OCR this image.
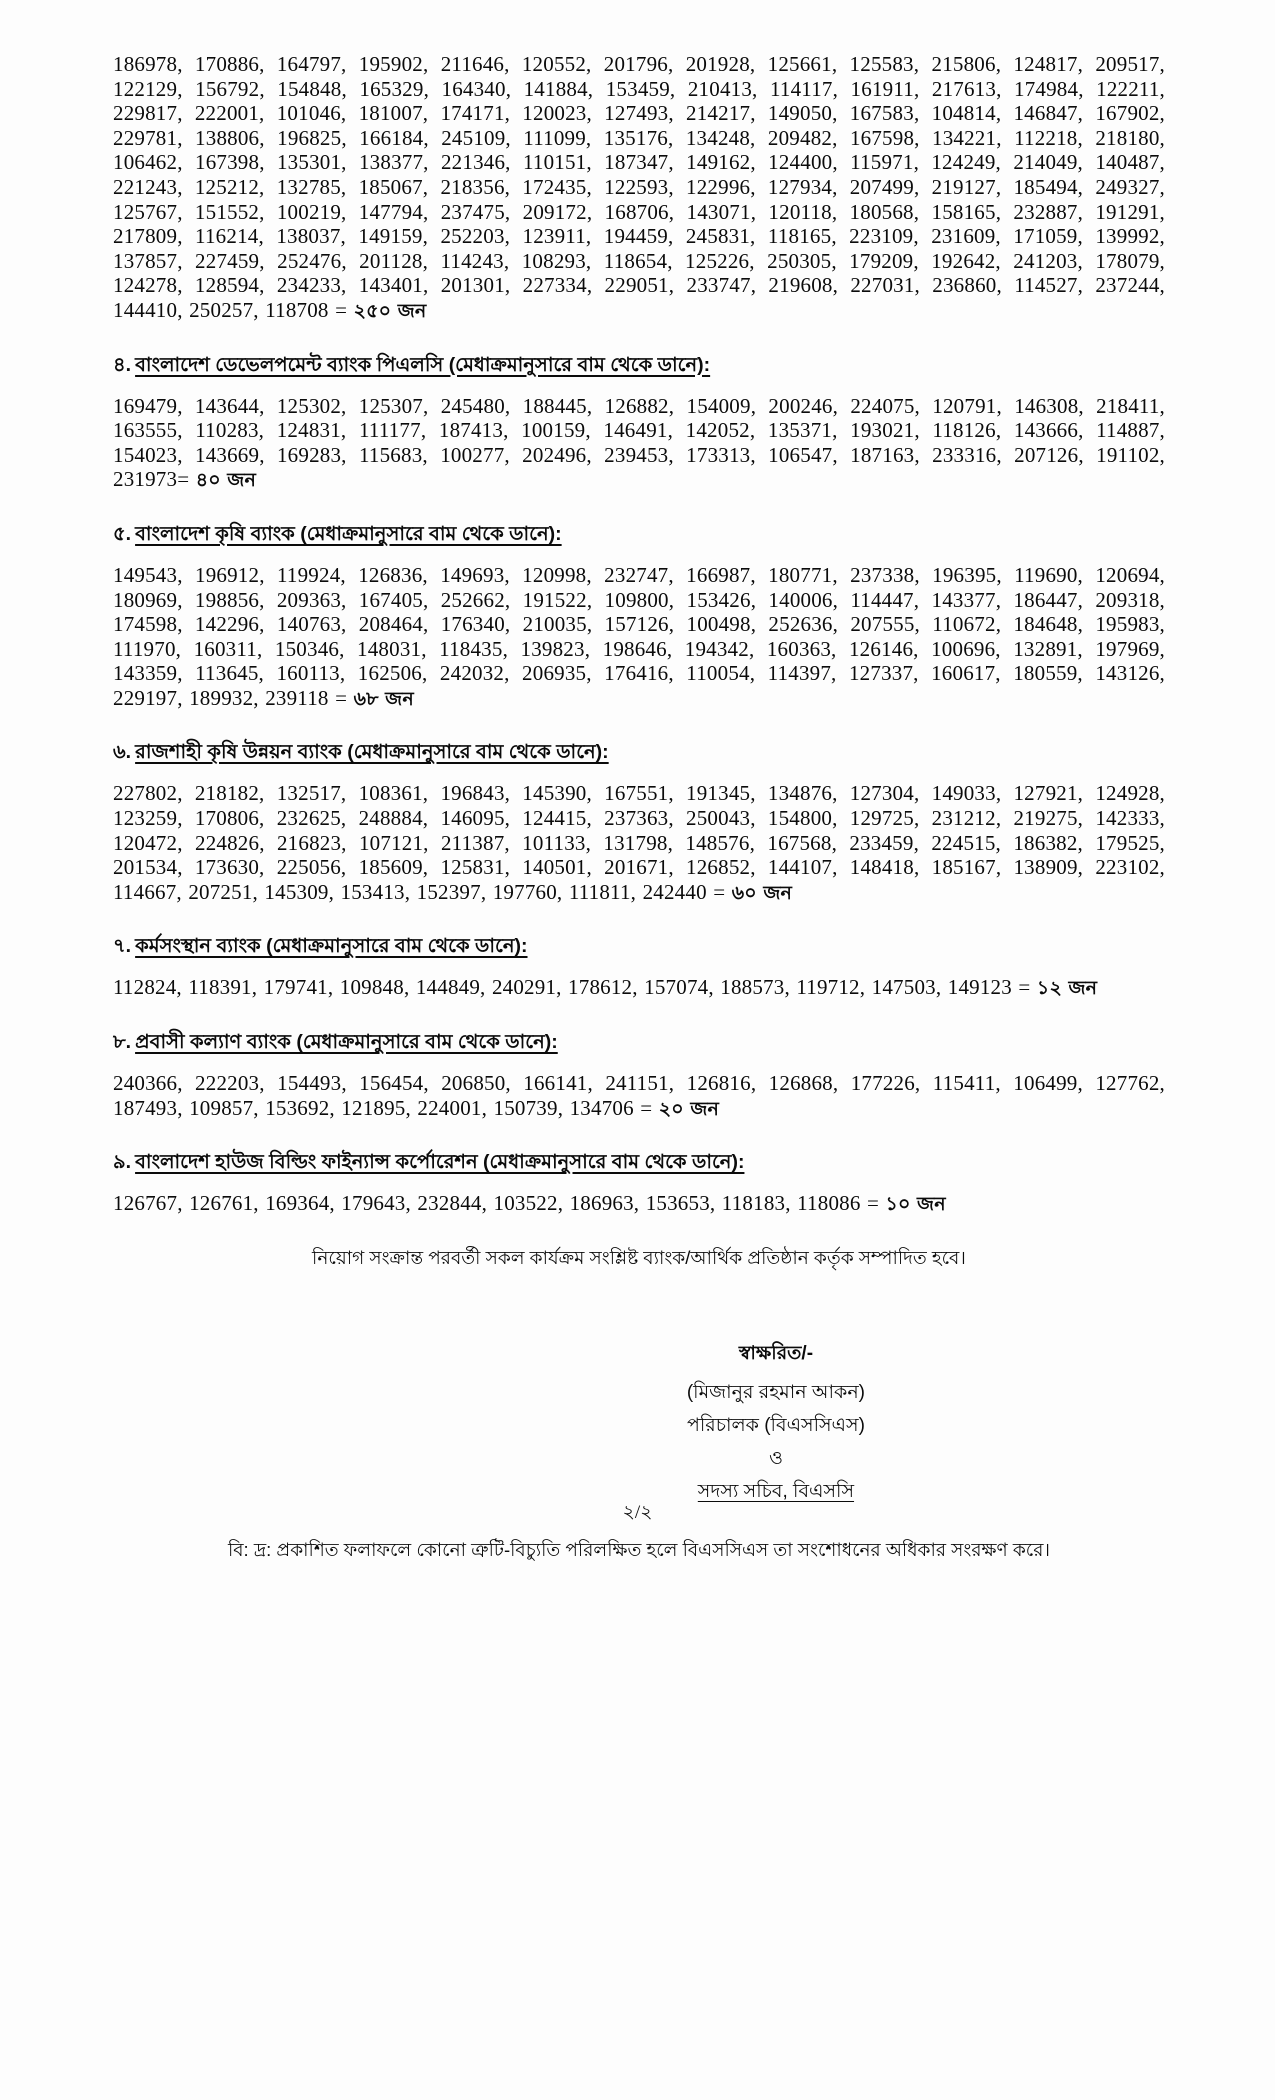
186978, 170886, 164797, 195902, 211646, 120552, 201796, 201928, 125661, 125583, 215806, 124817, 209517, 122129, 156792, 154848, 165329, 164340, 141884, 153459, 210413, 114117, 161911, 217613, 174984, 122211, 229817, 222001, 101046, 181007, 174171, 120023, 127493, 214217, 149050, 167583, 104814, 146847, 167902, 229781, 138806, 196825, 166184, 245109, 111099, 135176, 134248, 209482, 167598, 134221, 112218, 218180, 106462, 167398, 135301, 138377, 221346, 110151, 187347, 149162, 124400, 115971, 124249, 214049, 140487, 221243, 125212, 132785, 185067, 218356, 172435, 122593, 122996, 127934, 207499, 219127, 185494, 249327, 125767, 151552, 100219, 147794, 237475, 209172, 168706, 143071, 120118, 180568, 158165, 232887, 191291, 217809, 116214, 138037, 149159, 252203, 123911, 194459, 245831, 118165, 223109, 231609, 171059, 139992, 137857, 227459, 252476, 201128, 114243, 108293, 118654, 125226, 250305, 179209, 192642, 241203, 178079, 124278, 128594, 234233, 143401, 201301, 227334, 229051, 233747, 219608, 227031, 236860, 114527, 237244, 144410, 250257, 118708 = ২৫০ জন

৪. বাংলাদেশ ডেভেলপমেন্ট ব্যাংক পিএলসি (মেধাক্রমানুসারে বাম থেকে ডানে):

169479, 143644, 125302, 125307, 245480, 188445, 126882, 154009, 200246, 224075, 120791, 146308, 218411, 163555, 110283, 124831, 111177, 187413, 100159, 146491, 142052, 135371, 193021, 118126, 143666, 114887, 154023, 143669, 169283, 115683, 100277, 202496, 239453, 173313, 106547, 187163, 233316, 207126, 191102, 231973= ৪০ জন

৫. বাংলাদেশ কৃষি ব্যাংক (মেধাক্রমানুসারে বাম থেকে ডানে):

149543, 196912, 119924, 126836, 149693, 120998, 232747, 166987, 180771, 237338, 196395, 119690, 120694, 180969, 198856, 209363, 167405, 252662, 191522, 109800, 153426, 140006, 114447, 143377, 186447, 209318, 174598, 142296, 140763, 208464, 176340, 210035, 157126, 100498, 252636, 207555, 110672, 184648, 195983, 111970, 160311, 150346, 148031, 118435, 139823, 198646, 194342, 160363, 126146, 100696, 132891, 197969, 143359, 113645, 160113, 162506, 242032, 206935, 176416, 110054, 114397, 127337, 160617, 180559, 143126, 229197, 189932, 239118 = ৬৮ জন

৬. রাজশাহী কৃষি উন্নয়ন ব্যাংক (মেধাক্রমানুসারে বাম থেকে ডানে):

227802, 218182, 132517, 108361, 196843, 145390, 167551, 191345, 134876, 127304, 149033, 127921, 124928, 123259, 170806, 232625, 248884, 146095, 124415, 237363, 250043, 154800, 129725, 231212, 219275, 142333, 120472, 224826, 216823, 107121, 211387, 101133, 131798, 148576, 167568, 233459, 224515, 186382, 179525, 201534, 173630, 225056, 185609, 125831, 140501, 201671, 126852, 144107, 148418, 185167, 138909, 223102, 114667, 207251, 145309, 153413, 152397, 197760, 111811, 242440 = ৬০ জন

৭. কর্মসংস্থান ব্যাংক (মেধাক্রমানুসারে বাম থেকে ডানে):

112824, 118391, 179741, 109848, 144849, 240291, 178612, 157074, 188573, 119712, 147503, 149123 = ১২ জন

৮. প্রবাসী কল্যাণ ব্যাংক (মেধাক্রমানুসারে বাম থেকে ডানে):

240366, 222203, 154493, 156454, 206850, 166141, 241151, 126816, 126868, 177226, 115411, 106499, 127762, 187493, 109857, 153692, 121895, 224001, 150739, 134706 = ২০ জন

৯. বাংলাদেশ হাউজ বিল্ডিং ফাইন্যান্স কর্পোরেশন (মেধাক্রমানুসারে বাম থেকে ডানে):

126767, 126761, 169364, 179643, 232844, 103522, 186963, 153653, 118183, 118086 = ১০ জন

নিয়োগ সংক্রান্ত পরবর্তী সকল কার্যক্রম সংশ্লিষ্ট ব্যাংক/আর্থিক প্রতিষ্ঠান কর্তৃক সম্পাদিত হবে।

স্বাক্ষরিত/-
(মিজানুর রহমান আকন)
পরিচালক (বিএসসিএস)
ও
সদস্য সচিব, বিএসসি

বি: দ্র: প্রকাশিত ফলাফলে কোনো ত্রুটি-বিচ্যুতি পরিলক্ষিত হলে বিএসসিএস তা সংশোধনের অধিকার সংরক্ষণ করে।

২/২
